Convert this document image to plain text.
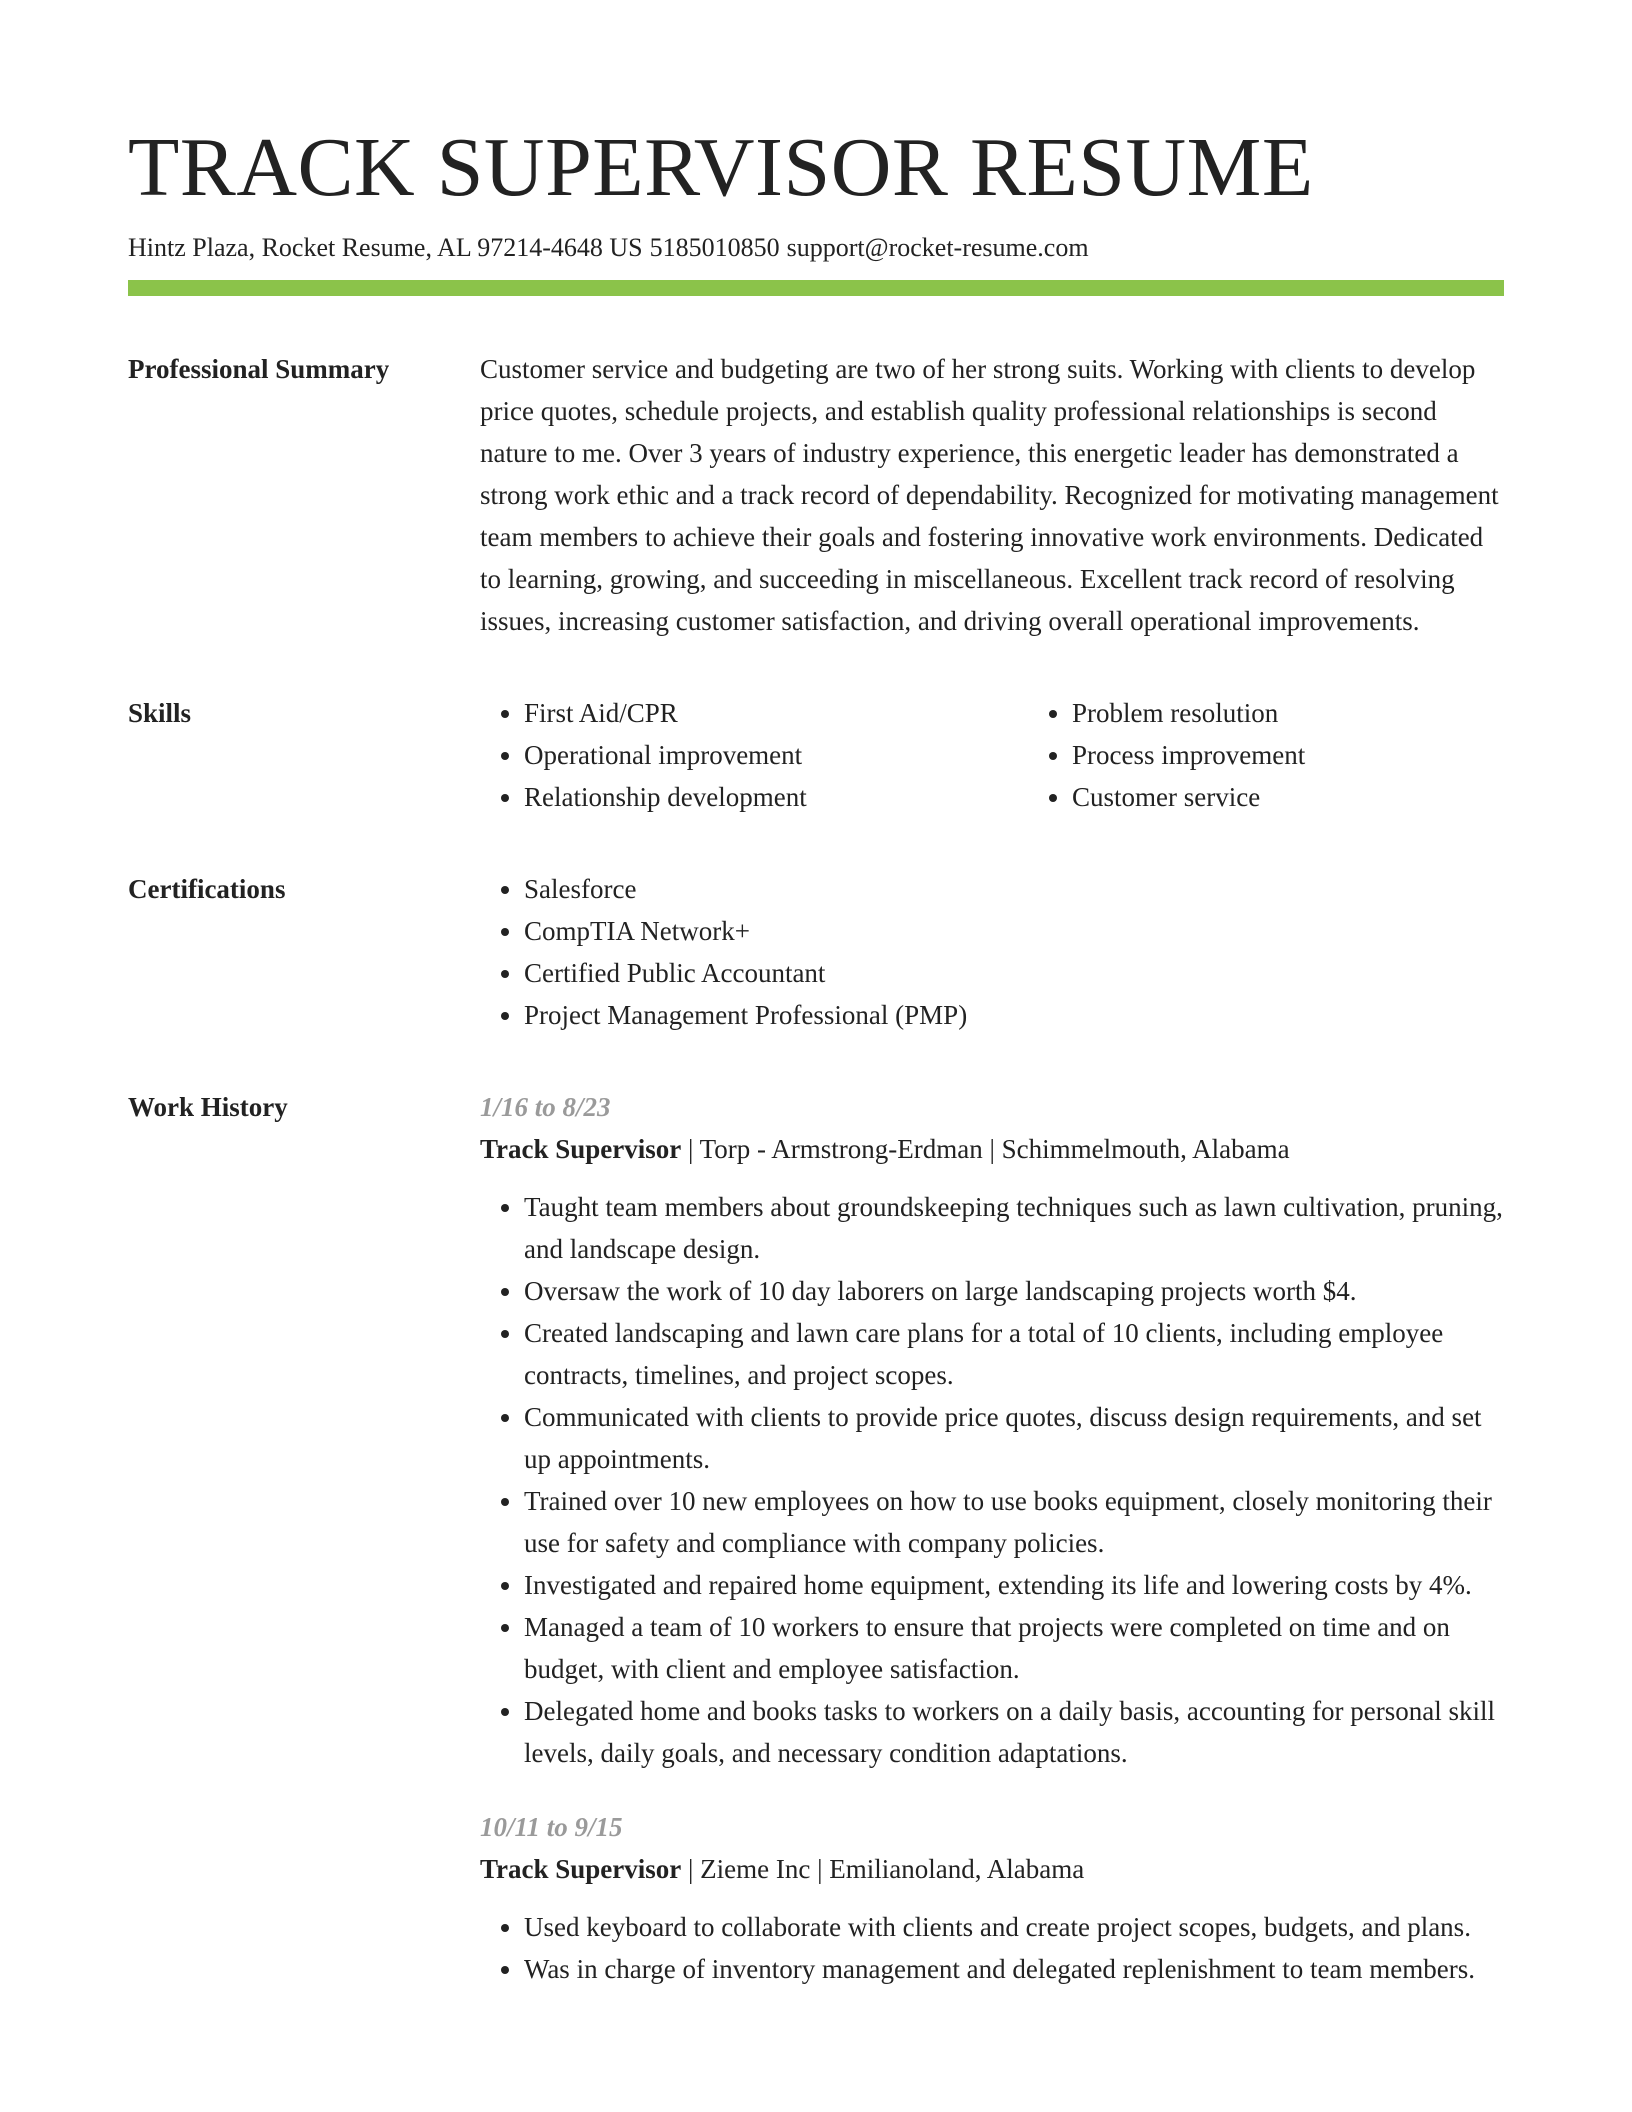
TRACK SUPERVISOR RESUME
Hintz Plaza, Rocket Resume, AL 97214-4648 US 5185010850 support@rocket-resume.com
Professional Summary	Customer service and budgeting are two of her strong suits. Working with clients to develop price quotes, schedule projects, and establish quality professional relationships is second nature to me. Over 3 years of industry experience, this energetic leader has demonstrated a strong work ethic and a track record of dependability. Recognized for motivating management team members to achieve their goals and fostering innovative work environments. Dedicated to learning, growing, and succeeding in miscellaneous. Excellent track record of resolving issues, increasing customer satisfaction, and driving overall operational improvements.

Skills	• First Aid/CPR
• Operational improvement
• Relationship development
• Problem resolution
• Process improvement
• Customer service
Certifications	• Salesforce
• CompTIA Network+
• Certified Public Accountant
• Project Management Professional (PMP)
Work History	1/16 to 8/23
Track Supervisor | Torp - Armstrong-Erdman | Schimmelmouth, Alabama
• Taught team members about groundskeeping techniques such as lawn cultivation, pruning, and landscape design.
• Oversaw the work of 10 day laborers on large landscaping projects worth $4.
• Created landscaping and lawn care plans for a total of 10 clients, including employee contracts, timelines, and project scopes.
• Communicated with clients to provide price quotes, discuss design requirements, and set up appointments.
• Trained over 10 new employees on how to use books equipment, closely monitoring their use for safety and compliance with company policies.
• Investigated and repaired home equipment, extending its life and lowering costs by 4%.
• Managed a team of 10 workers to ensure that projects were completed on time and on budget, with client and employee satisfaction.
• Delegated home and books tasks to workers on a daily basis, accounting for personal skill levels, daily goals, and necessary condition adaptations.
10/11 to 9/15
Track Supervisor | Zieme Inc | Emilianoland, Alabama
• Used keyboard to collaborate with clients and create project scopes, budgets, and plans.
• Was in charge of inventory management and delegated replenishment to team members.
